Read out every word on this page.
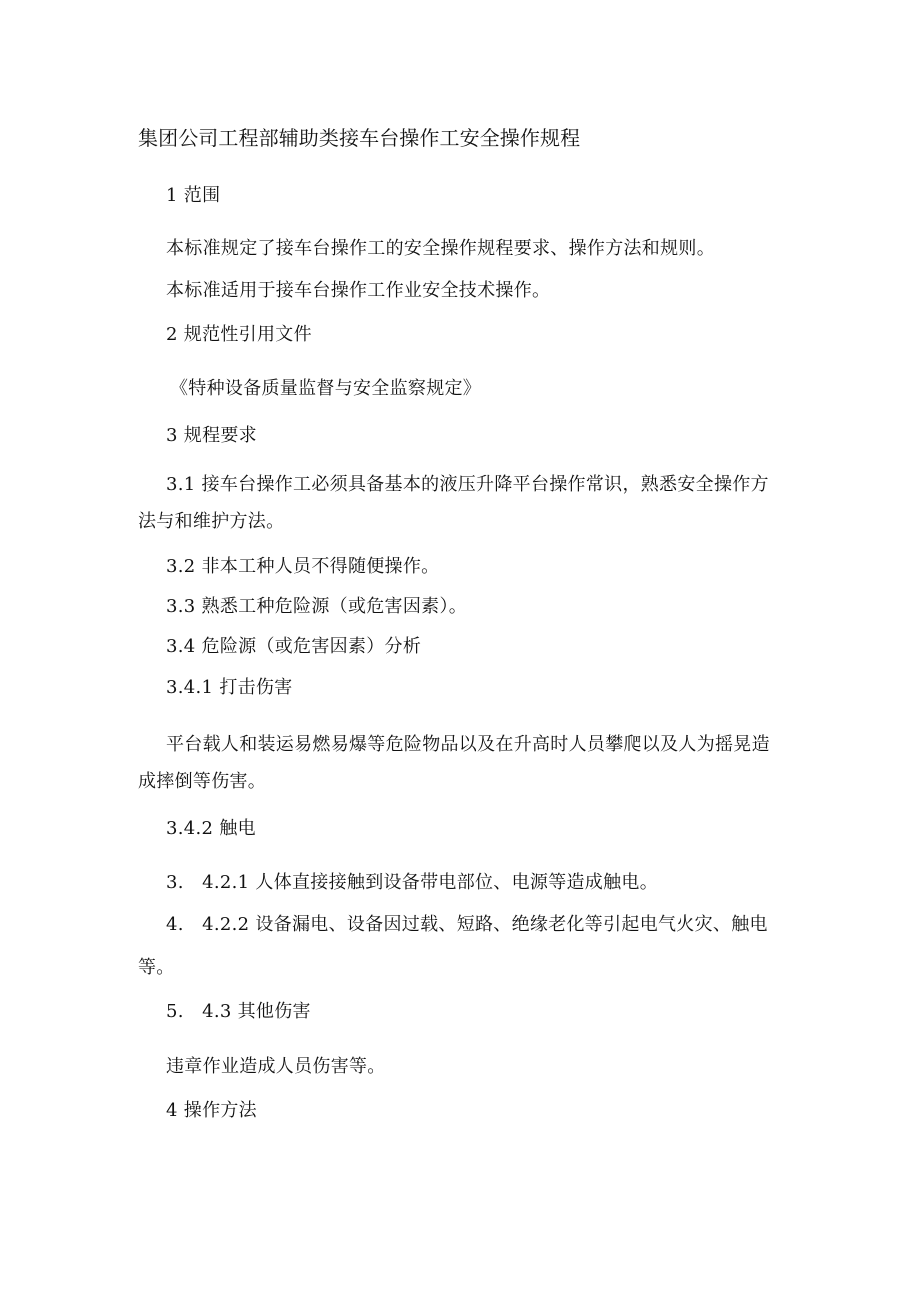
集团公司工程部辅助类接车台操作工安全操作规程
1 范围
本标准规定了接车台操作工的安全操作规程要求、操作方法和规则。
本标准适用于接车台操作工作业安全技术操作。
2 规范性引用文件
《特种设备质量监督与安全监察规定》
3 规程要求
3.1 接车台操作工必须具备基本的液压升降平台操作常识，熟悉安全操作方
法与和维护方法。
3.2 非本工种人员不得随便操作。
3.3 熟悉工种危险源（或危害因素）。
3.4 危险源（或危害因素）分析
3.4.1 打击伤害
平台载人和装运易燃易爆等危险物品以及在升高时人员攀爬以及人为摇晃造
成摔倒等伤害。
3.4.2 触电
3.　4.2.1 人体直接接触到设备带电部位、电源等造成触电。
4.　4.2.2 设备漏电、设备因过载、短路、绝缘老化等引起电气火灾、触电
等。
5.　4.3 其他伤害
违章作业造成人员伤害等。
4 操作方法
